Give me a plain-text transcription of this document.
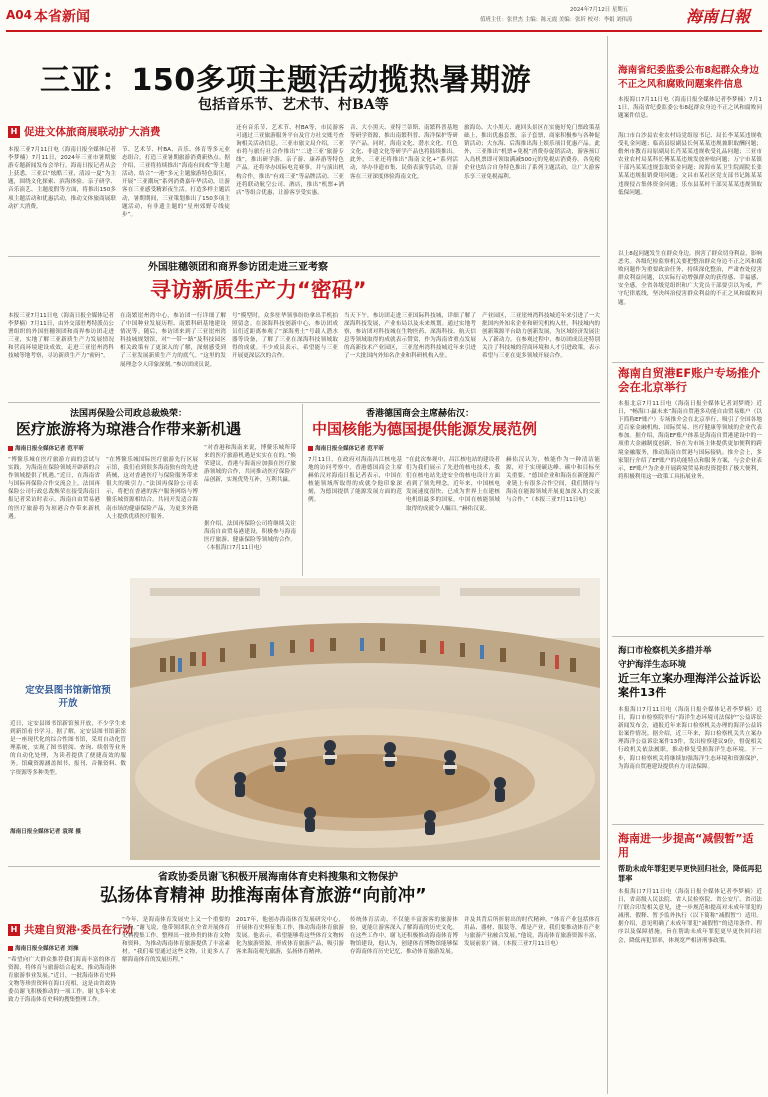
A04 本省新闻	2024年7月12日 星期五
值班主任：张世杰 主编：陈元霞 美编：张圻 校对：李娟 刘伟涛	海南日報
三亚：150多项主题活动揽热暑期游
包括音乐节、艺术节、村BA等
H 促进文体旅商展联动扩大消费
本报三亚7月11日电（海南日报全媒体记者李梦楠）7月11日，2024年三亚市暑期旅游专题新闻发布会举行。海南日报记者从会上获悉，三亚以“炫酷三亚，清凉一夏”为主题，围绕文化探索、滨海体验、亲子研学、音乐演艺、主题度假等方面，将推出150多项主题活动和优惠活动，推动文体旅商展联动扩大消费。
节、艺术节、村BA、音乐、体育等多元业态组合，打造三亚暑期旅游消费新热点。据介绍，三亚将持续推出“海南有间戏”等主题活动，结合“一港”多元主题旅游特色街区，开展“三亚潮玩”系列消费嘉年华活动，让游客在三亚感受精彩夜生活。打造多样主题活动，暑期期间，三亚策划推出了150多项主题活动，有非遗主题的“星州郊野专线徒步”。
还有音乐节、艺术节、村BA等，市民游客可通过三亚旅游服务平台及官方社交账号查询相关活动信息。三亚市旅文局介绍，三亚市将与旅行社合作推出“‘二进三亚’旅游专线”，推出研学游、亲子游、康养游等特色产品。还将举办国际电竞赛事，并与演出机构合作，推出“有戏三亚”等品牌活动。三亚还将联动航空公司、酒店，推出“机票+酒店”等组合优惠，让游客享受实惠。
音、大小黑天、亚特兰蒂斯、南繁科普基地等研学资源，推出南繁科普、海洋保护等研学产品。同时，海南文化、潜水文化、红色文化、非遗文化等研学产品也将陆续推出。此外，三亚还将推出“海南文化+”系列活动，举办非遗市集、民俗表演等活动，让游客在三亚深度体验海南文化。
旅海岛、大小黑天、鹿回头景区在实施好免门票政策基础上，推出优惠套票，亲子套票，商家积极参与各种促销活动；大东海、后海推出海上娱乐项目优惠产品。此外，三亚推出“机票+免税”消费券促销活动，游客预订入岛机票即可领取满减500元的免税店消费券。各免税企业也结合自身特色推出了系列主题活动，让广大游客乐享三亚免税福利。
海南省纪委监委公布8起群众身边
不正之风和腐败问题案件信息
本报海口7月11日电（海南日报全媒体记者李梦楠）7月11日，海南省纪委监委公布8起群众身边不正之风和腐败问题案件信息。
海口市白沙县农业农村局党组原书记、局长李某某违规收受礼金问题；临高县原副县长何某某违规兼职取酬问题；儋州市教育局原副局长肖某某违规收受礼品问题；三亚市农业农村局某科长傅某某违规发放补贴问题；万宁市某镇干部冯某某违规套取资金问题；琼海市某卫生院副院长张某某违规报销费用问题；文昌市某社区党支部书记陈某某违规侵占集体资金问题；乐东县某村干部吴某某违规领取低保问题。
以上8起问题发生在群众身边，损害了群众切身利益，影响恶劣。各级纪检监察机关要把整治群众身边不正之风和腐败问题作为重要政治任务，持续深化整治，严肃查处侵害群众利益问题，以实际行动增强群众的获得感、幸福感、安全感。全省各级党组织和广大党员干部要引以为戒，严守纪律底线，坚决纠治侵害群众利益的不正之风和腐败问题。
外国驻穗领团和商界参访团走进三亚考察
寻访新质生产力“密码”
本报三亚7月11日电（海南日报全媒体记者李梦楠）7月11日，由外交部驻粤特派员公署组织的外国驻穗领团和商界参访团走进三亚，实地了解三亚新质生产力发展情况和营商环境建设成效，走进三亚崖州湾科技城等地考察，寻访新质生产力“密码”。
在南繁崖州湾中心，参访团一行详细了解了中国种业发展历程、南繁科研基地建设情况等。随后，参访团来到了三亚崖州湾科技城规划馆，对“一带一路”及科技园区相关政策有了更深入的了解，深刻感受到了三亚发展新质生产力的底气。“这里的发展理念令人印象深刻。”参访团成员说。
号”模型时，众多驻华领事纷纷拿出手机拍照留念。在深海科技创新中心，参访团成员们近距离参观了“深海勇士”号载人潜水器等设备，了解了三亚在深海科技领域取得的成就。不少成员表示，希望能与三亚开展更深层次的合作。
当天下午，参访团走进三亚国际科技城，详细了解了深海科技发展，产业布局以及未来规划。通过实地考察，参访团对科技城在生物医药、深海科技、航天信息等领域取得的成就表示赞赏，作为海南省重点发展的高新技术产业园区，三亚崖州湾科技城近年来引进了一大批国内外知名企业和科研机构入驻。
产业园区，三亚崖州湾科技城近年来引进了一大批国内外知名企业和研究机构入驻，科技城内的创新策源平台助力创新发展，为区域经济发展注入了新动力。在参观过程中，参访团成员还特别关注了科技城的营商环境和人才引进政策，表示希望与三亚在更多领域开展合作。
法国再保险公司政总裁焕荣：
医疗旅游将为琼港合作带来新机遇
海南日报全媒体记者 范平昕
“博鳌乐城在医疗旅游方面的尝试与实践，为海南在保险领域开辟新的合作领域提供了机遇。”近日，在海南省与国际再保险合作交流会上，法国再保险公司行政总裁焕荣在接受海南日报记者采访时表示，海南自由贸易港的医疗旅游将为琼港合作带来新机遇。
“在博鳌乐城国际医疗旅游先行区展示馆，我们看到很多海南独有的先进药械，这对香港医疗与保险服务带来很大的吸引力。”法国再保险公司表示，将把在香港的客户服务网络与博鳌乐城资源相结合，共同开发适合海南市场的健康保险产品，为更多外籍人士提供优质医疗服务。
“对香港和海南来说，博鳌乐城所带来的医疗旅游机遇是实实在在的。”焕荣建议，香港与海南应加强在医疗旅游领域的合作，共同推动医疗保险产品创新，实现优势互补，互利共赢。
据介绍，法国再保险公司将继续关注海南自由贸易港建设，积极参与海南医疗旅游、健康保险等领域的合作。（本报海口7月11日电）
香港德国商会主席赫佑汉：
中国核能为德国提供能源发展范例
海南日报全媒体记者 范平昕
7月11日，在政府对海南昌江核电基地的访问考察中，香港德国商会主席赫佑汉对海南日报记者表示，中国在核能领域所取得的成就令他印象深刻，为德国提供了能源发展方面的范例。
“在此次参观中，昌江核电站的建设者们为我们展示了先进的核电技术，我们在核电站先进安全的核电设计方面看到了领先理念。近年来，中国核电发展速度很快，已成为世界上在建核电机组最多的国家，中国在核能领域取得的成就令人瞩目。”赫佑汉说。
赫佑汉认为，核能作为一种清洁能源，对于实现碳达峰、碳中和目标至关重要。“德国企业和海南在新能源产业链上有很多合作空间，我们期待与海南在能源领域开展更加深入的交流与合作。”（本报三亚7月11日电）
海南自贸港EF账户专场推介会在北京举行
本报北京7月11日电（海南日报全媒体记者刘梦晓）近日，“畅海口·赢未来”海南自贸港多功能自由贸易账户（以下简称EF账户）专场推介会在北京举行，吸引了全国各地近百家金融机构、国际贸易、医疗健康等领域的企业代表参加。据介绍，海南EF账户体系是海南自贸港建设中的一项重大金融制度创新，旨在为市场主体提供更加便利的跨境金融服务，推动海南自贸港与国际接轨。推介会上，多家银行介绍了EF账户的功能特点和服务方案，与会企业表示，EF账户为企业开展跨境贸易和投资提供了极大便利，将积极利用这一政策工具拓展业务。
定安县图书馆新馆预开放
近日，定安县图书馆新馆预开放，不少学生来到新馆看书学习。据了解，定安县图书馆新馆是一座现代化的综合性图书馆，采用自动化管理系统，实现了图书借阅、查询、续借等业务的自动化处理，为读者提供了便捷高效的服务。馆藏资源涵盖图书、报刊、音像资料、数字资源等多种类型。
海南日报全媒体记者 袁琛 摄
省政协委员谢飞积极开展海南体育史料搜集和文物保护
弘扬体育精神 助推海南体育旅游“向前冲”
H 共建自贸港·委员在行动
海南日报全媒体记者 刘操
“希望向广大群众推荐我们海南丰富的体育资源，将体育与旅游结合起来，推动海南体育旅游事业发展。”近日，一批海南体育史料文物等珍贵资料在海口亮相，这是由省政协委员谢飞积极推动的一项工作。谢飞多年来致力于海南体育史料的搜集整理工作。
“今年，是海南体育发展史上又一个重要的年份。”谢飞说，他带领团队在全省开展体育史料搜集工作，整理出一批珍贵的体育文物和资料，为推动海南体育旅游提供了丰富素材。“我们希望通过这些文物，让更多人了解海南体育的发展历程。”
2017年，他创办海南体育发展研究中心，开展体育史料征集工作，推动海南体育旅游发展。他表示，希望能够将这些体育文物转化为旅游资源，形成体育旅游产品，吸引游客来海南观光旅游，弘扬体育精神。
传统体育活动，不仅能丰富游客的旅游体验，更能让游客深入了解海南的历史文化。在这些工作中，谢飞还积极推动海南体育博物馆建设，他认为，创建体育博物馆能够保存海南体育历史记忆，推动体育旅游发展。
并及其背后所折射出的时代精神。“体育产业包括体育用品、器材、服装等，都是产业，我们要推动体育产业与旅游产业融合发展。”他说，海南体育旅游资源丰富，发展前景广阔。（本报三亚7月11日电）
海口市检察机关多措并举
守护海洋生态环境
近三年立案办理海洋公益诉讼案件13件
本报海口7月11日电（海南日报全媒体记者李梦楠）近日，海口市检察院举行“海洋生态环境司法保护”公益诉讼新闻发布会，通报近年来海口检察机关办理的海洋公益诉讼案件情况。据介绍，近三年来，海口检察机关共立案办理海洋公益诉讼案件13件，发出检察建议9份，督促相关行政机关依法履职，推动修复受损海洋生态环境。下一步，海口检察机关将继续加强海洋生态环境和资源保护，为海南自贸港建设提供有力司法保障。
海南进一步提高“减假暂”适用
帮助未成年罪犯更早更快回归社会，降低再犯罪率
本报海口7月11日电（海南日报全媒体记者李梦楠）近日，省高级人民法院、省人民检察院、省公安厅、省司法厅联合印发相关意见，进一步规范和提高对未成年罪犯的减刑、假释、暂予监外执行（以下简称“减假暂”）适用。据介绍，意见明确了未成年罪犯“减假暂”的适用条件、程序以及保障措施，旨在帮助未成年罪犯更早更快回归社会，降低再犯罪率，体现宽严相济刑事政策。
